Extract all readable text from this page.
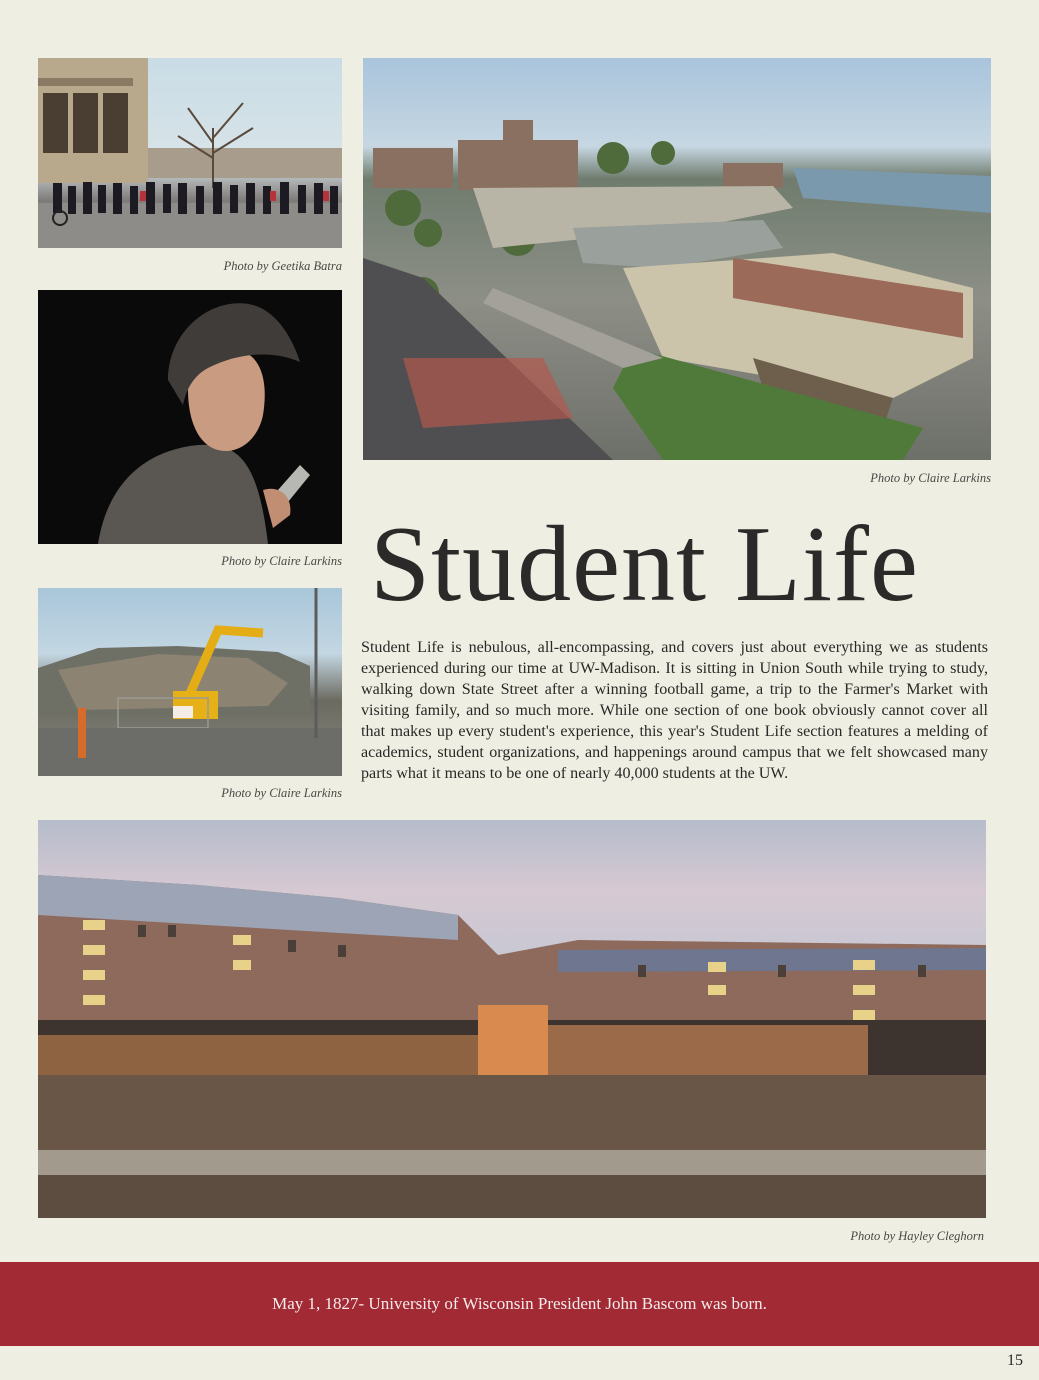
Photo by Geetika Batra
Photo by Claire Larkins
Photo by Claire Larkins
Photo by Claire Larkins
Student Life
Student Life is nebulous, all-encompassing, and covers just about everything we as students experienced during our time at UW-Madison. It is sitting in Union South while trying to study, walking down State Street after a winning football game, a trip to the Farmer's Market with visiting family, and so much more. While one section of one book obviously cannot cover all that makes up every student's experience, this year's Student Life section features a melding of academics, student organizations, and happenings around campus that we felt showcased many parts what it means to be one of nearly 40,000 students at the UW.
Photo by Hayley Cleghorn
May 1, 1827- University of Wisconsin President John Bascom was born.
15
